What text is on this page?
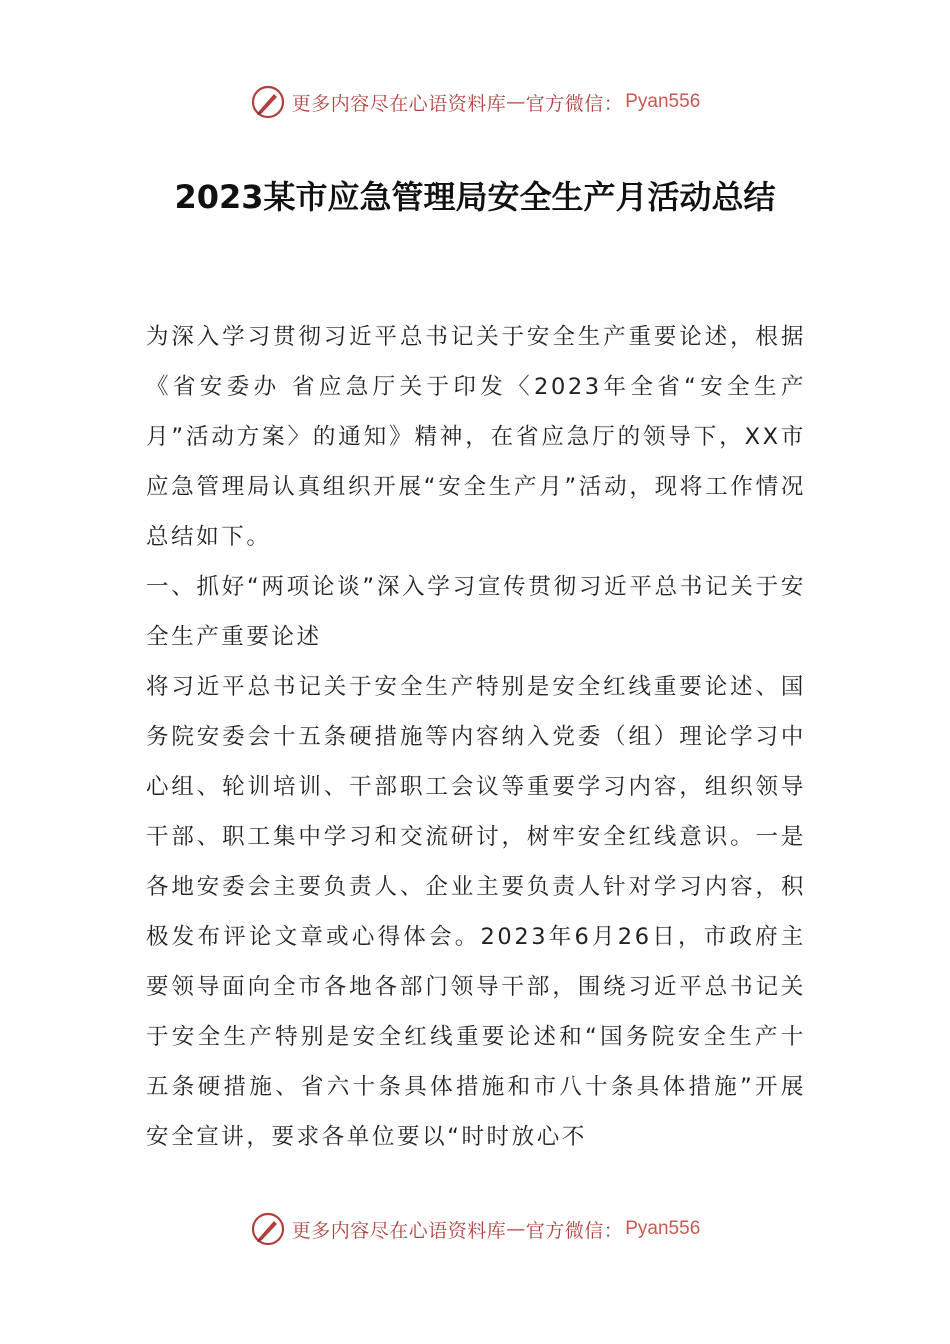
更多内容尽在心语资料库 — 官方微信： Pyan556
2023某市应急管理局安全生产月活动总结

为深入学习贯彻习近平总书记关于安全生产重要论述，根据《省安委办 省应急厅关于印发〈2023年全省“安全生产月”活动方案〉的通知》精神，在省应急厅的领导下，XX市应急管理局认真组织开展“安全生产月”活动，现将工作情况总结如下。

一、抓好“两项论谈”深入学习宣传贯彻习近平总书记关于安全生产重要论述

将习近平总书记关于安全生产特别是安全红线重要论述、国务院安委会十五条硬措施等内容纳入党委（组）理论学习中心组、轮训培训、干部职工会议等重要学习内容，组织领导干部、职工集中学习和交流研讨，树牢安全红线意识。一是各地安委会主要负责人、企业主要负责人针对学习内容，积极发布评论文章或心得体会。2023年6月26日，市政府主要领导面向全市各地各部门领导干部，围绕习近平总书记关于安全生产特别是安全红线重要论述和“国务院安全生产十五条硬措施、省六十条具体措施和市八十条具体措施”开展安全宣讲，要求各单位要以“时时放心不

更多内容尽在心语资料库 — 官方微信： Pyan556
